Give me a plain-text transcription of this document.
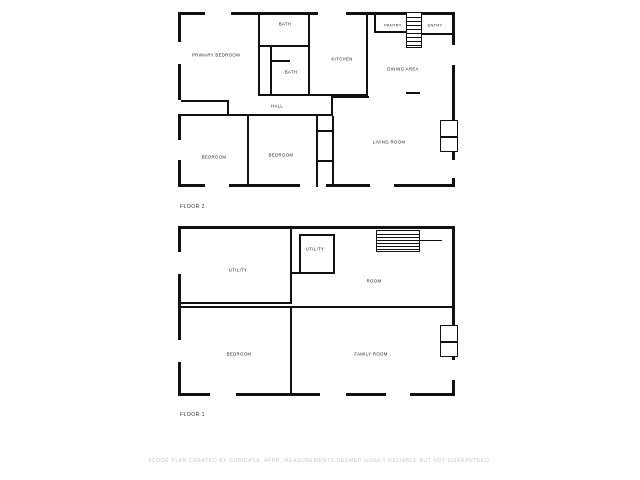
PRIMARY BEDROOM
BATH
BATH
KITCHEN
PANTRY	ENTRY
DINING AREA
HALL
BEDROOM	BEDROOM
LIVING ROOM
FLOOR 2
UTILITY
UTILITY
ROOM
BEDROOM	FAMILY ROOM
FLOOR 1
FLOOR PLAN CREATED BY CUBICASA. APPR. MEASUREMENTS DEEMED HIGHLY RELIABLE BUT NOT GUARANTEED.
